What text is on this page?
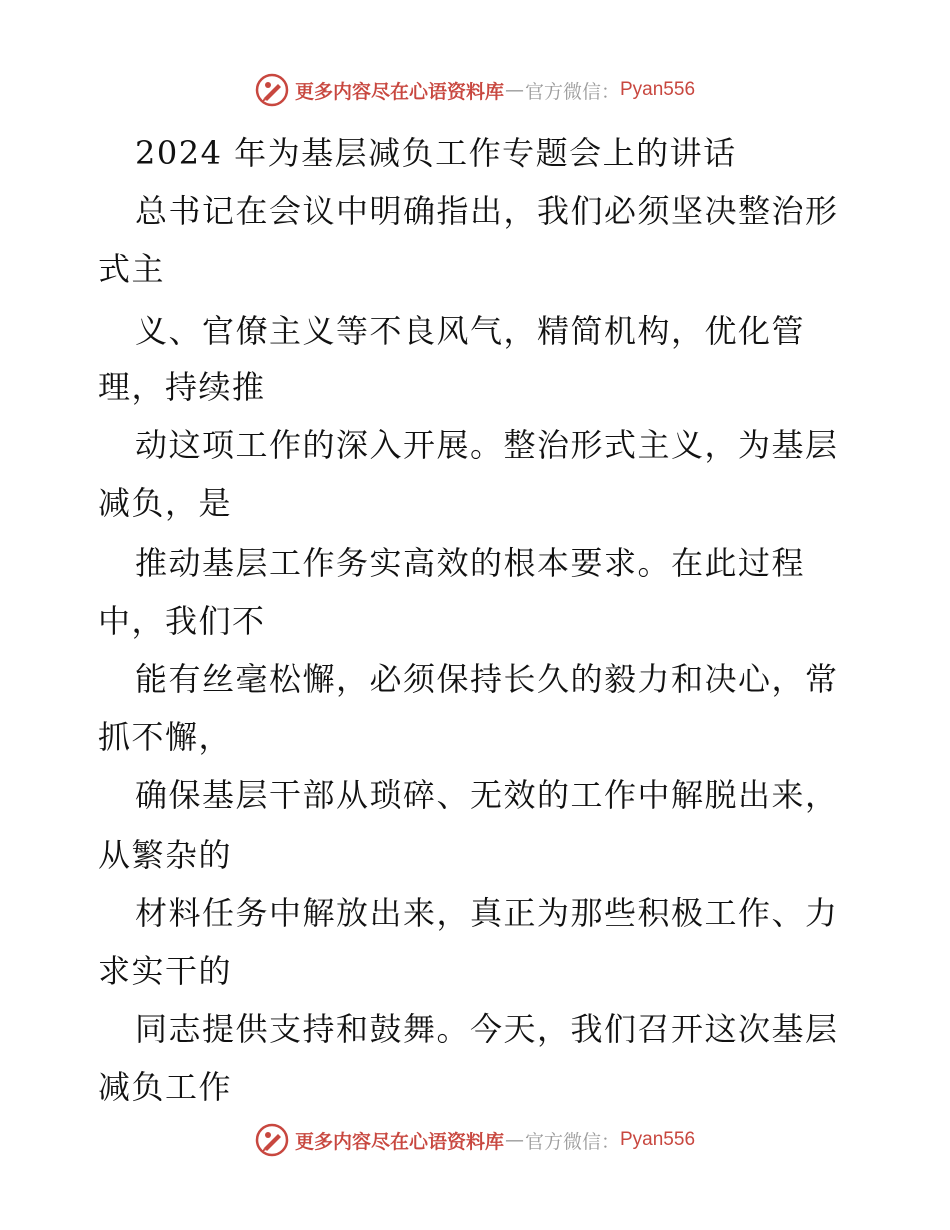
更多内容尽在心语资料库 — 官方微信： Pyan556
2024 年为基层减负工作专题会上的讲话
总书记在会议中明确指出，我们必须坚决整治形
式主
义、官僚主义等不良风气，精简机构，优化管
理，持续推
动这项工作的深入开展。整治形式主义，为基层
减负，是
推动基层工作务实高效的根本要求。在此过程
中，我们不
能有丝毫松懈，必须保持长久的毅力和决心，常
抓不懈，
确保基层干部从琐碎、无效的工作中解脱出来，
从繁杂的
材料任务中解放出来，真正为那些积极工作、力
求实干的
同志提供支持和鼓舞。今天，我们召开这次基层
减负工作
更多内容尽在心语资料库 — 官方微信： Pyan556
